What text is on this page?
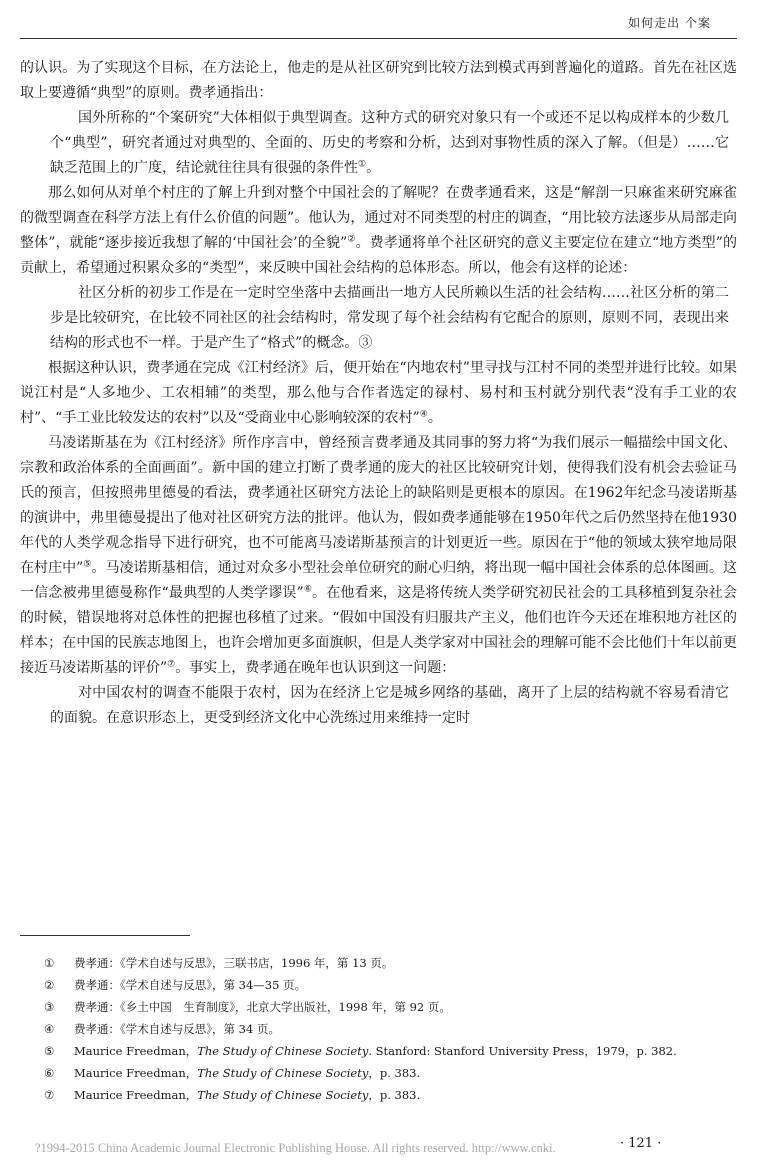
如何走出 个案

的认识。为了实现这个目标，在方法论上，他走的是从社区研究到比较方法到模式再到普遍化的道路。首先在社区选取上要遵循“典型”的原则。费孝通指出：

国外所称的“个案研究”大体相似于典型调查。这种方式的研究对象只有一个或还不足以构成样本的少数几个“典型”，研究者通过对典型的、全面的、历史的考察和分析，达到对事物性质的深入了解。（但是）……它缺乏范围上的广度，结论就往往具有很强的条件性①。

那么如何从对单个村庄的了解上升到对整个中国社会的了解呢？在费孝通看来，这是“解剖一只麻雀来研究麻雀的微型调查在科学方法上有什么价值的问题”。他认为，通过对不同类型的村庄的调查，“用比较方法逐步从局部走向整体”，就能“逐步接近我想了解的‘中国社会’的全貌”②。费孝通将单个社区研究的意义主要定位在建立“地方类型”的贡献上，希望通过积累众多的“类型”，来反映中国社会结构的总体形态。所以，他会有这样的论述：

社区分析的初步工作是在一定时空坐落中去描画出一地方人民所赖以生活的社会结构……社区分析的第二步是比较研究，在比较不同社区的社会结构时，常发现了每个社会结构有它配合的原则，原则不同，表现出来结构的形式也不一样。于是产生了“格式”的概念。③

根据这种认识，费孝通在完成《江村经济》后，便开始在“内地农村”里寻找与江村不同的类型并进行比较。如果说江村是“人多地少、工农相辅”的类型，那么他与合作者选定的禄村、易村和玉村就分别代表“没有手工业的农村”、“手工业比较发达的农村”以及“受商业中心影响较深的农村”④。

马凌诺斯基在为《江村经济》所作序言中，曾经预言费孝通及其同事的努力将“为我们展示一幅描绘中国文化、宗教和政治体系的全面画面”。新中国的建立打断了费孝通的庞大的社区比较研究计划，使得我们没有机会去验证马氏的预言，但按照弗里德曼的看法，费孝通社区研究方法论上的缺陷则是更根本的原因。在1962年纪念马凌诺斯基的演讲中，弗里德曼提出了他对社区研究方法的批评。他认为，假如费孝通能够在1950年代之后仍然坚持在他1930年代的人类学观念指导下进行研究，也不可能离马凌诺斯基预言的计划更近一些。原因在于“他的领域太狭窄地局限在村庄中”⑤。马凌诺斯基相信，通过对众多小型社会单位研究的耐心归纳，将出现一幅中国社会体系的总体图画。这一信念被弗里德曼称作“最典型的人类学谬误”⑥。在他看来，这是将传统人类学研究初民社会的工具移植到复杂社会的时候，错误地将对总体性的把握也移植了过来。“假如中国没有归服共产主义，他们也许今天还在堆积地方社区的样本；在中国的民族志地图上，也许会增加更多面旗帜，但是人类学家对中国社会的理解可能不会比他们十年以前更接近马凌诺斯基的评价”⑦。事实上，费孝通在晚年也认识到这一问题：

对中国农村的调查不能限于农村，因为在经济上它是城乡网络的基础，离开了上层的结构就不容易看清它的面貌。在意识形态上，更受到经济文化中心洗练过用来维持一定时

①	费孝通：《学术自述与反思》，三联书店，1996 年，第 13 页。
②	费孝通：《学术自述与反思》，第 34—35 页。
③	费孝通：《乡土中国　生育制度》，北京大学出版社，1998 年，第 92 页。
④	费孝通：《学术自述与反思》，第 34 页。
⑤	Maurice Freedman，The Study of Chinese Society. Stanford: Stanford University Press，1979，p. 382.
⑥	Maurice Freedman，The Study of Chinese Society，p. 383.
⑦	Maurice Freedman，The Study of Chinese Society，p. 383.
· 121 ·
?1994-2015 China Academic Journal Electronic Publishing House. All rights reserved. http://www.cnki.
